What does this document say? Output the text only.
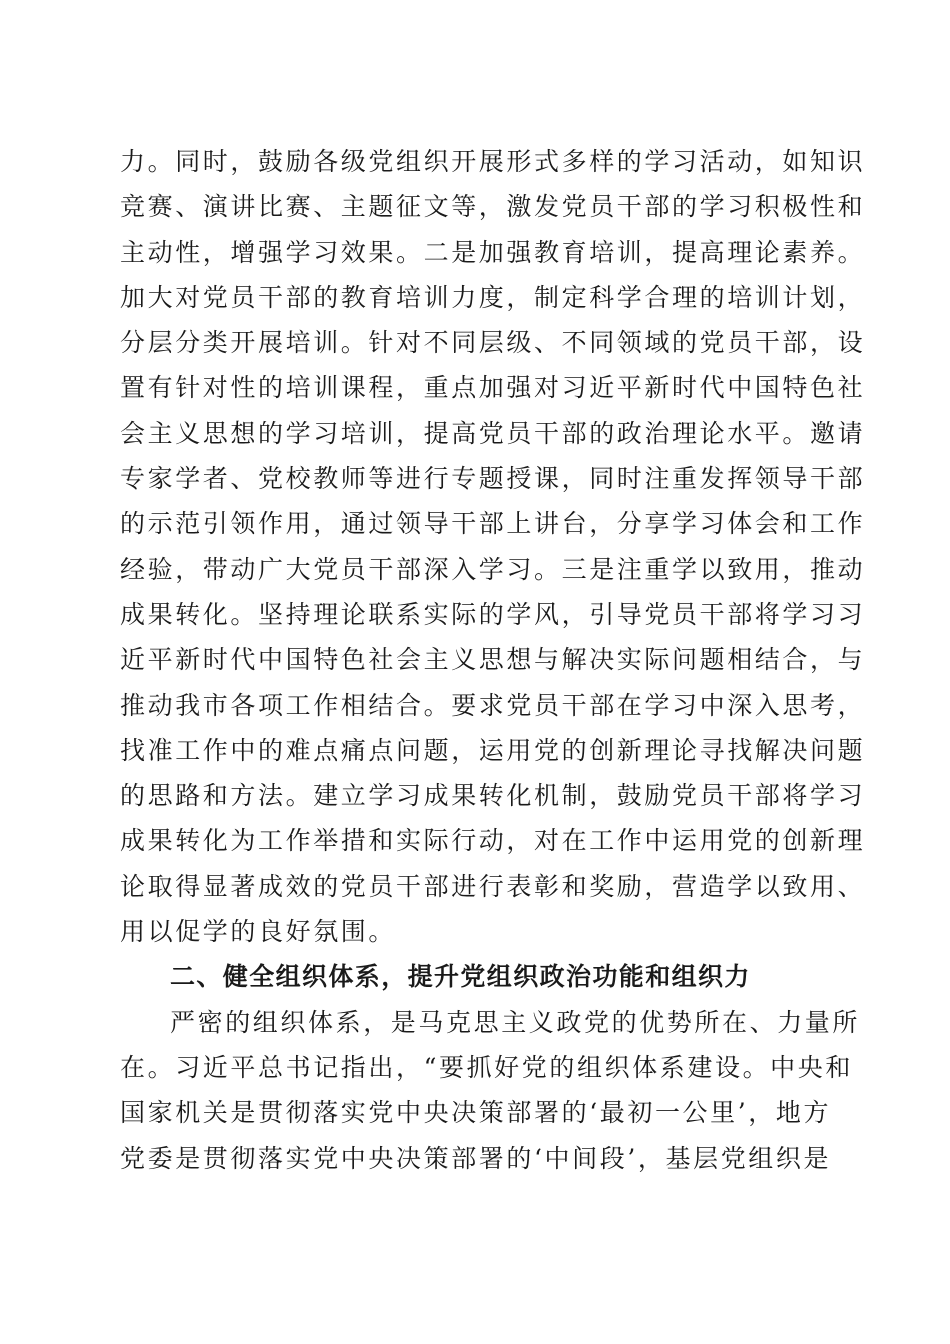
力。同时，鼓励各级党组织开展形式多样的学习活动，如知识
竞赛、演讲比赛、主题征文等，激发党员干部的学习积极性和
主动性，增强学习效果。二是加强教育培训，提高理论素养。
加大对党员干部的教育培训力度，制定科学合理的培训计划，
分层分类开展培训。针对不同层级、不同领域的党员干部，设
置有针对性的培训课程，重点加强对习近平新时代中国特色社
会主义思想的学习培训，提高党员干部的政治理论水平。邀请
专家学者、党校教师等进行专题授课，同时注重发挥领导干部
的示范引领作用，通过领导干部上讲台，分享学习体会和工作
经验，带动广大党员干部深入学习。三是注重学以致用，推动
成果转化。坚持理论联系实际的学风，引导党员干部将学习习
近平新时代中国特色社会主义思想与解决实际问题相结合，与
推动我市各项工作相结合。要求党员干部在学习中深入思考，
找准工作中的难点痛点问题，运用党的创新理论寻找解决问题
的思路和方法。建立学习成果转化机制，鼓励党员干部将学习
成果转化为工作举措和实际行动，对在工作中运用党的创新理
论取得显著成效的党员干部进行表彰和奖励，营造学以致用、
用以促学的良好氛围。
二、健全组织体系，提升党组织政治功能和组织力
严密的组织体系，是马克思主义政党的优势所在、力量所
在。习近平总书记指出，“要抓好党的组织体系建设。中央和
国家机关是贯彻落实党中央决策部署的‘最初一公里’，地方
党委是贯彻落实党中央决策部署的‘中间段’，基层党组织是
